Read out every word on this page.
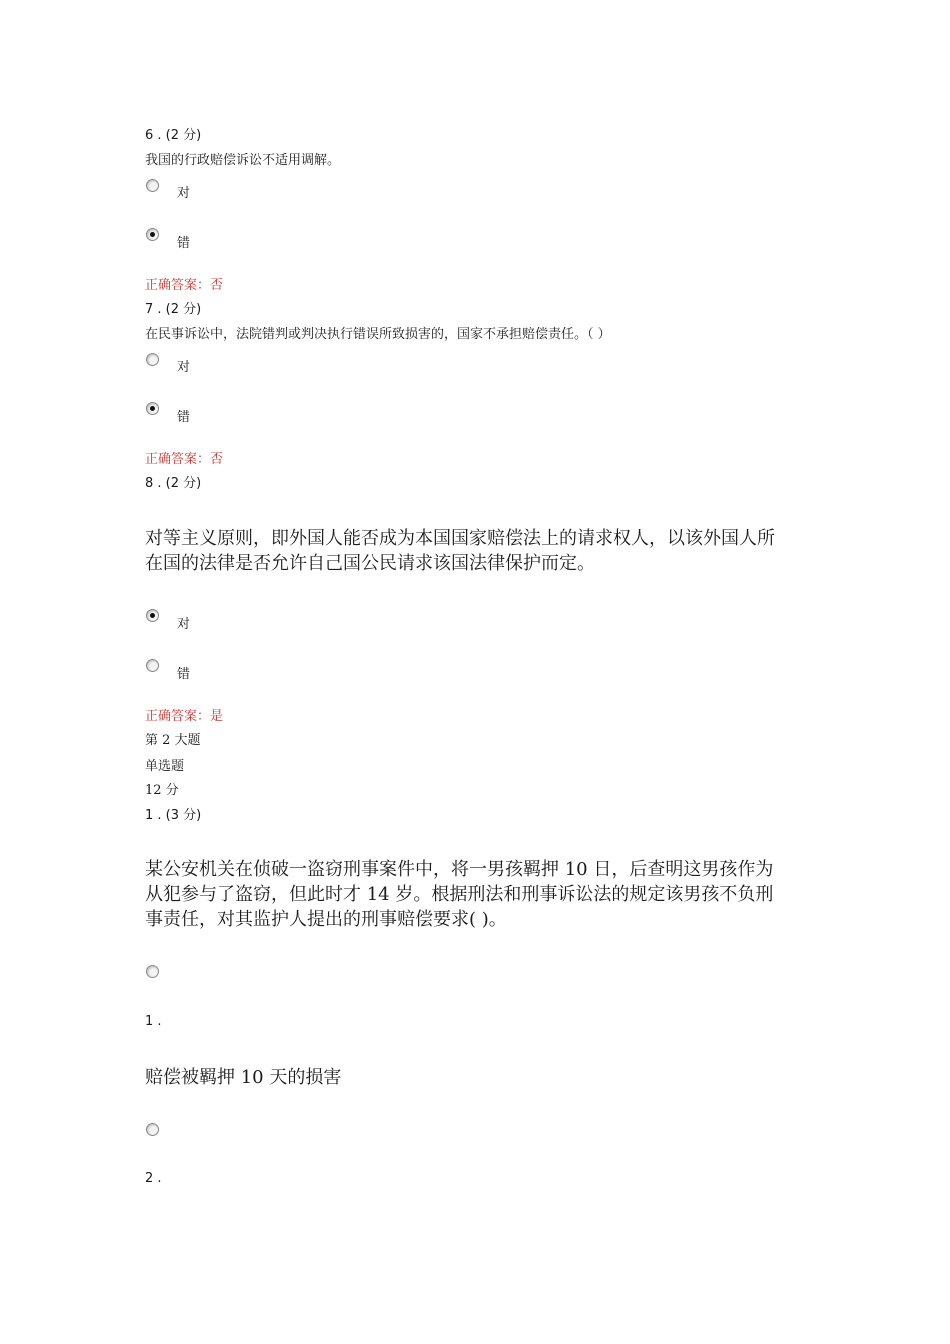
6 . (2 分)
我国的行政赔偿诉讼不适用调解。
对
错
正确答案：否
7 . (2 分)
在民事诉讼中，法院错判或判决执行错误所致损害的，国家不承担赔偿责任。（ ）
对
错
正确答案：否
8 . (2 分)
对等主义原则，即外国人能否成为本国国家赔偿法上的请求权人，以该外国人所
在国的法律是否允许自己国公民请求该国法律保护而定。
对
错
正确答案：是
第 2 大题
单选题
12 分
1 . (3 分)
某公安机关在侦破一盗窃刑事案件中，将一男孩羁押 10 日，后查明这男孩作为
从犯参与了盗窃，但此时才 14 岁。根据刑法和刑事诉讼法的规定该男孩不负刑
事责任，对其监护人提出的刑事赔偿要求( )。
1 .
赔偿被羁押 10 天的损害
2 .
